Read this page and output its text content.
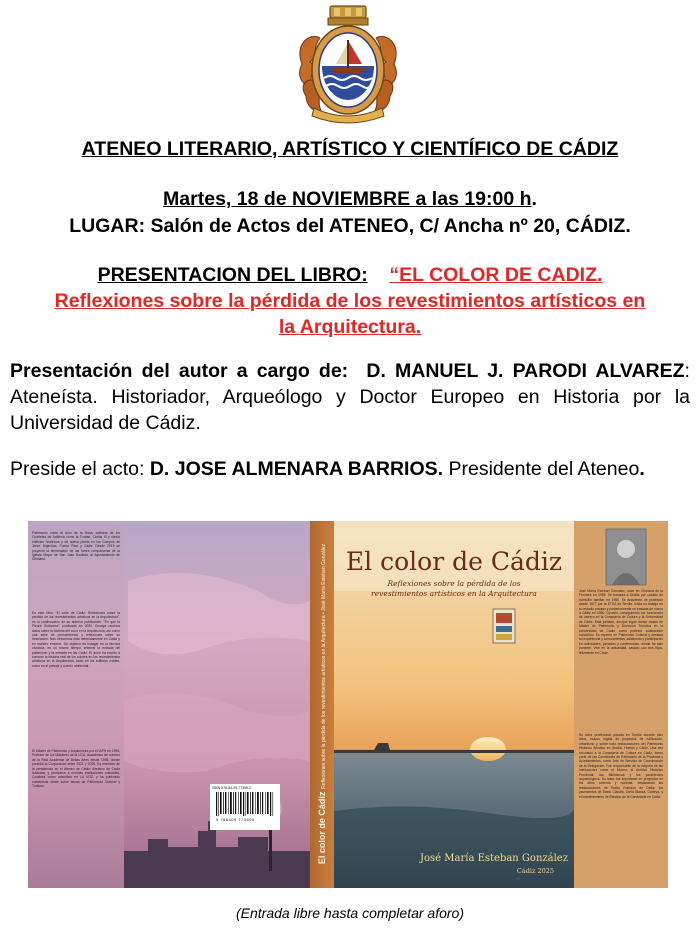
ATENEO LITERARIO, ARTÍSTICO Y CIENTÍFICO DE CÁDIZ
Martes, 18 de NOVIEMBRE a las 19:00 h.
LUGAR: Salón de Actos del ATENEO, C/ Ancha nº 20, CÁDIZ.
PRESENTACION DEL LIBRO: “EL COLOR DE CADIZ.
Reflexiones sobre la pérdida de los revestimientos artísticos en
la Arquitectura.
Presentación del autor a cargo de: D. MANUEL J. PARODI ALVAREZ: Ateneísta. Historiador, Arqueólogo y Doctor Europeo en Historia por la Universidad de Cádiz.
Preside el acto: D. JOSE ALMENARA BARRIOS. Presidente del Ateneo.
Patrimonio como el Arco de la Rosa, edificios de los Cuarteles de Artillería como la Fontan, Carlos III y varios edificios históricos y de nueva planta en los Campos de Jerez, Algeciras, Puerto Real y Cádiz. Desde 2019 se proyectó la terminación de las torres campanarias de la Iglesia Mayor de San Juan Bautista, al Ayuntamiento de Chiclana.
En este libro: "El color de Cádiz. Reflexiones sobre la pérdida de los revestimientos artísticos en la Arquitectura", es la continuación de su anterior publicación: "En que la Piedra Ostionera", publicada en 2020. Ensaya muchos datos sobre la historia del color en la Arquitectura, así como una serie de pensamientos y reflexiones sobre su innovación. Nos ofrecemos más detenidamente en Cádiz y en nuestro entorno. Su objetivo es indagar en la técnica olvidada, en un mismo tiempo, enterrar la entrada del patrimonio y la entrada en las Cádiz. El autor ha escrito a conocer la historia real de los colores en los revestimientos artísticos en la Arquitectura, tanto en los edificios nobles, como en el paisaje y cuerdo ambiental.
El Máster de Patrimonio y Arquitectura por el IAPH en 1996; Profesor de los Másteres de la UCA. Académico de número de la Real Academia de Bellas Artes desde 1998, donde presidió la Corporación entre 2021 y 2025. Es miembro de la presidencia en el Ateneo de Cádiz; directivo de Cádiz Ilustrada, y promueve a muchas instituciones culturales. Colabora como articulista en LA VOZ, y ha publicado numerosas obras sobre temas de Patrimonio Cultural y Turismo.	ISBN 978-84-09-77359-0
9 788409 773590	El color de Cádiz  Reflexiones sobre la pérdida de los revestimientos artísticos en la Arquitectura • José María Esteban González El color de Cádiz
Reflexiones sobre la pérdida de los
revestimientos artísticos en la Arquitectura
José María Esteban González
Cádiz 2025
José María Esteban González, nace en Chiclana de la Frontera en 1955. Se traslada a Sevilla por cambio de domicilio familiar en 1965. Es Arquitecto de profesión desde 1977 por la ETSA de Sevilla. Inicia su trabajo en su estudio privado y posteriormente se traslada de nuevo a Cádiz en 1980. Opositó, consiguiendo ser funcionario de carrera en la Consejería de Cultura y la Universidad de Cádiz. Está jubilado, aunque sigue dando clases de Máster de Patrimonio y Dirección Turística en la Universidad de Cádiz, como profesor colaborador honorífico. Es experto en Patrimonio Cultural y destaca su experiencia y conocimientos, asistiendo y participando en actividades, jornadas y conferencias, donde ha sido ponente. Vive en la actualidad, casado con tres hijos, felizmente en Cádiz.
Su labor profesional privada en Sevilla durante diez años, estuvo regida de proyectos de edificación, urbanismo y sobre todo restauraciones del Patrimonio Histórico Artístico en Sevilla, Huelva y Cádiz. Una vez vinculado a la Consejería de Cultura en Cádiz, formó parte de las Comisiones de Patrimonio de la Provincia y Ayuntamientos, como Jefe de Servicio de Coordinación de la Delegación. Fue responsable de la mayoría de las instituciones como el Museo, el Archivo Histórico Provincial, las Bibliotecas y los yacimientos arqueológicos. Su labor fue importante en proyectos en los años ochenta y noventa, destacando las restauraciones de Teatro Romano de Cádiz, los yacimientos de Baelo Claudia, Doña Blanca, Carteya, y el mantenimiento del Bastión de la Candelaria en Cádiz.
(Entrada libre hasta completar aforo)
